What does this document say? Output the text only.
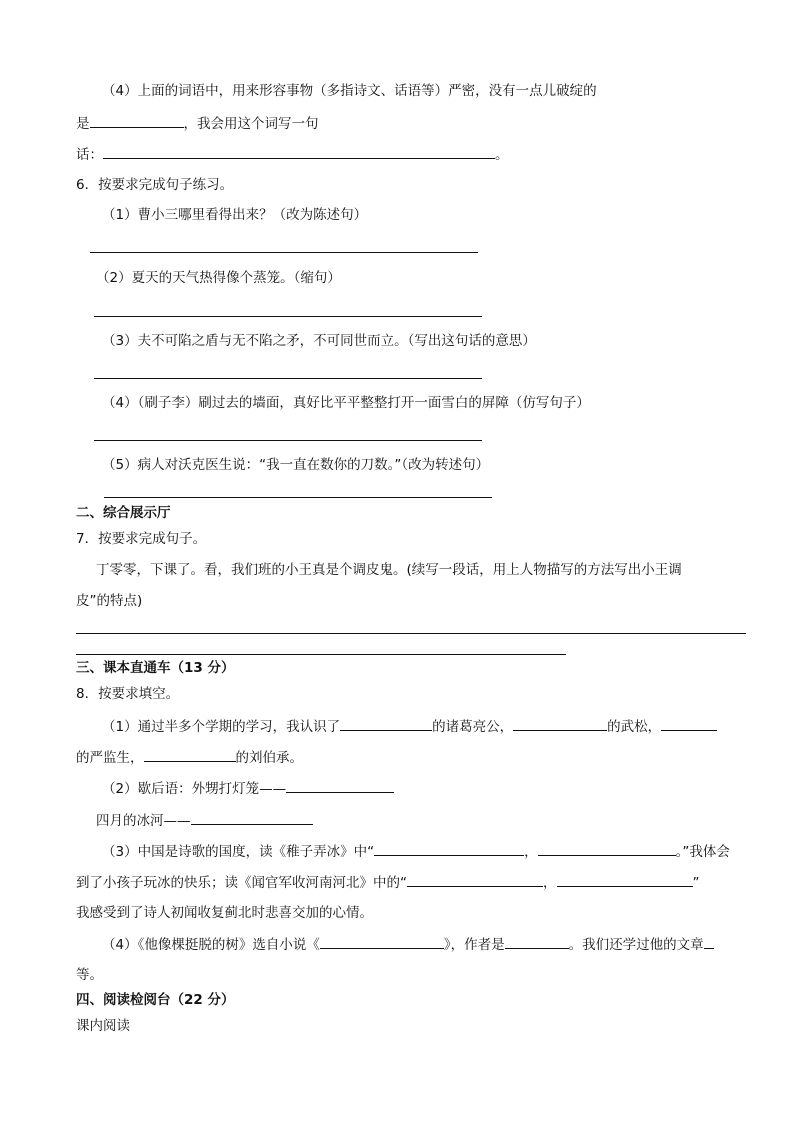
（4）上面的词语中，用来形容事物（多指诗文、话语等）严密，没有一点儿破绽的
是	，我会用这个词写一句
话：	。
6．按要求完成句子练习。
（1）曹小三哪里看得出来？（改为陈述句）
（2）夏天的天气热得像个蒸笼。（缩句）
（3）夫不可陷之盾与无不陷之矛，不可同世而立。（写出这句话的意思）
（4）（刷子李）刷过去的墙面，真好比平平整整打开一面雪白的屏障（仿写句子）
（5）病人对沃克医生说：“我一直在数你的刀数。”（改为转述句）
二、综合展示厅
7．按要求完成句子。
丁零零，下课了。看，我们班的小王真是个调皮鬼。(续写一段话，用上人物描写的方法写出小王调
皮”的特点)
三、课本直通车（13 分）
8．按要求填空。
（1）通过半多个学期的学习，我认识了	的诸葛亮公，	的武松，
的严监生，	的刘伯承。
（2）歇后语：外甥打灯笼——
四月的冰河——
（3）中国是诗歌的国度，读《稚子弄冰》中“	，	。”我体会
到了小孩子玩冰的快乐；读《闻官军收河南河北》中的“	，	”
我感受到了诗人初闻收复蓟北时悲喜交加的心情。
（4）《他像棵挺脱的树》选自小说《	》，作者是	。我们还学过他的文章
等。
四、阅读检阅台（22 分）
课内阅读
